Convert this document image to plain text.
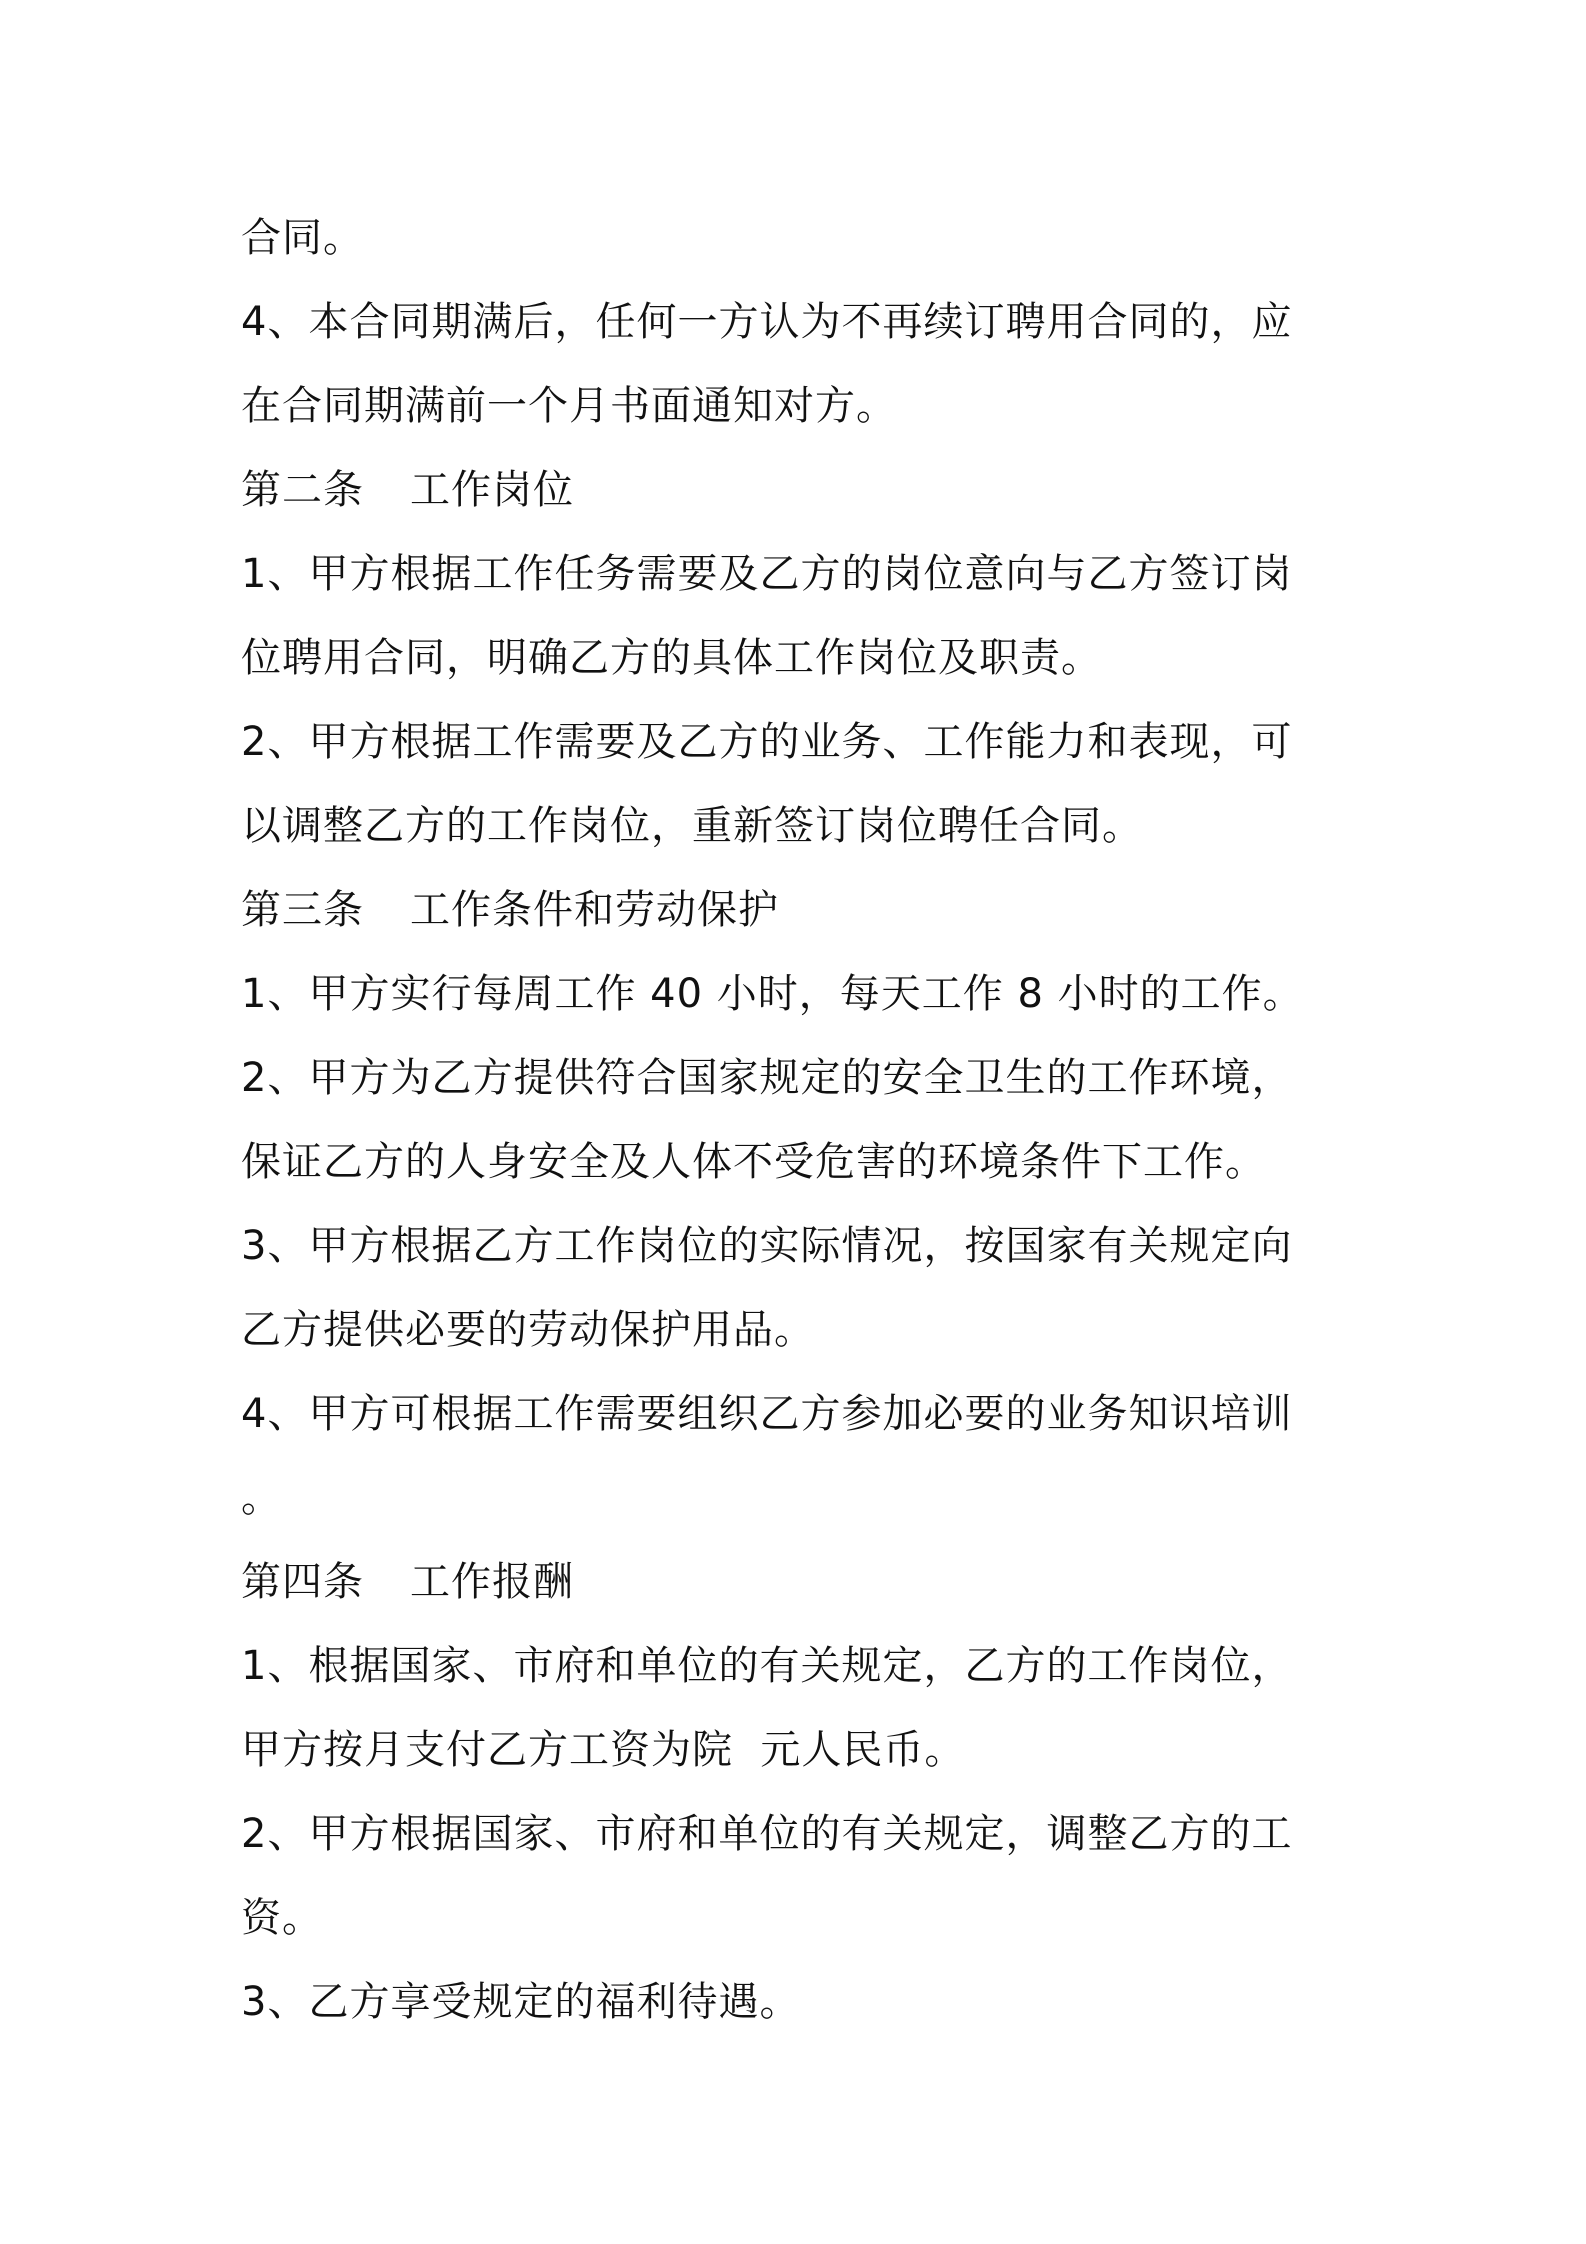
合同。
4、本合同期满后，任何一方认为不再续订聘用合同的，应
在合同期满前一个月书面通知对方。
第二条 工作岗位
1、甲方根据工作任务需要及乙方的岗位意向与乙方签订岗
位聘用合同，明确乙方的具体工作岗位及职责。
2、甲方根据工作需要及乙方的业务、工作能力和表现，可
以调整乙方的工作岗位，重新签订岗位聘任合同。
第三条 工作条件和劳动保护
1、甲方实行每周工作 40 小时，每天工作 8 小时的工作。
2、甲方为乙方提供符合国家规定的安全卫生的工作环境，
保证乙方的人身安全及人体不受危害的环境条件下工作。
3、甲方根据乙方工作岗位的实际情况，按国家有关规定向
乙方提供必要的劳动保护用品。
4、甲方可根据工作需要组织乙方参加必要的业务知识培训
。
第四条 工作报酬
1、根据国家、市府和单位的有关规定，乙方的工作岗位，
甲方按月支付乙方工资为院  元人民币。
2、甲方根据国家、市府和单位的有关规定，调整乙方的工
资。
3、乙方享受规定的福利待遇。
